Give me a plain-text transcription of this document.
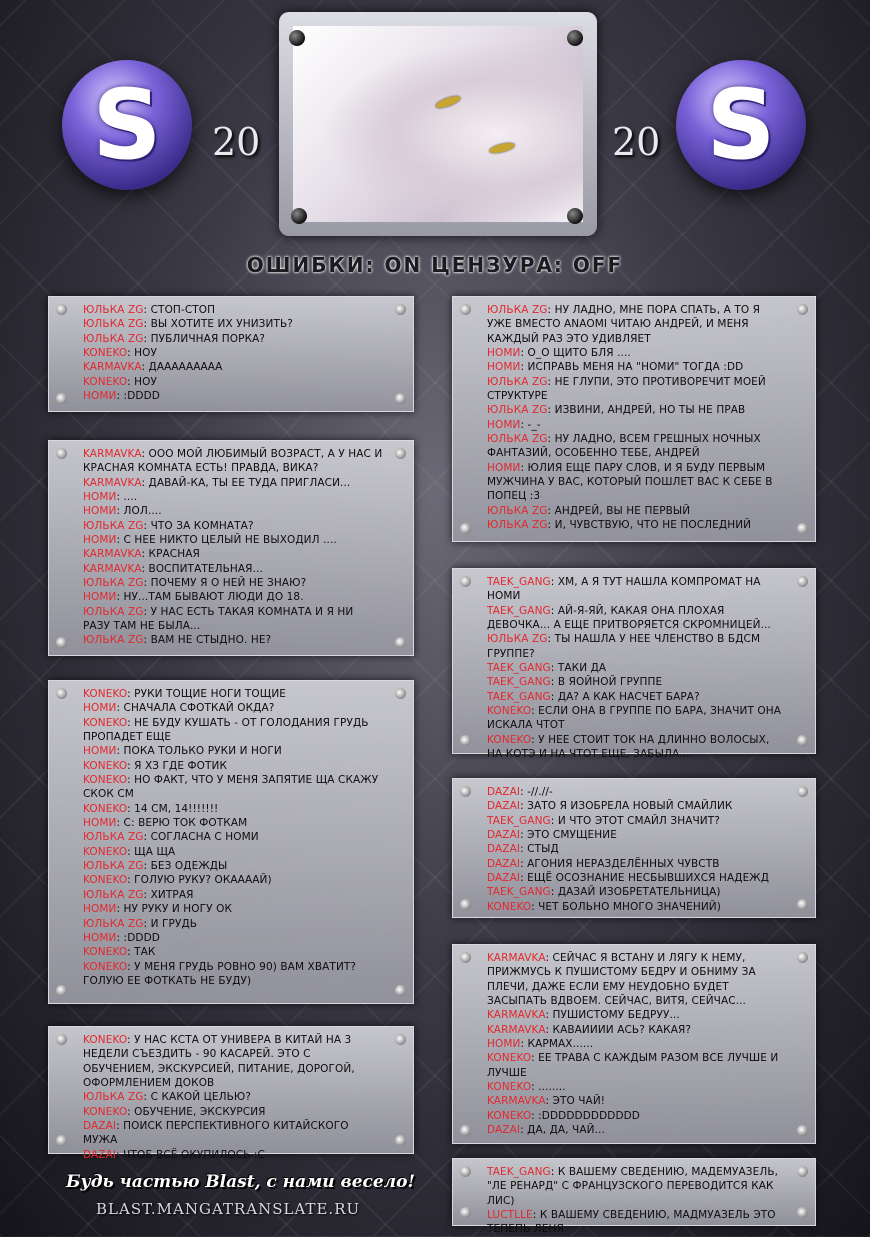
S 20	20 S
ОШИБКИ: ON ЦЕНЗУРА: OFF
ЮЛЬКА ZG: СТОП-СТОП
ЮЛЬКА ZG: ВЫ ХОТИТЕ ИХ УНИЗИТЬ?
ЮЛЬКА ZG: ПУБЛИЧНАЯ ПОРКА?
KONEKO: НОУ
KARMAVKA: ДААААААААА
KONEKO: НОУ
НОМИ: :DDDD
KARMAVKA: ООО МОЙ ЛЮБИМЫЙ ВОЗРАСТ, А У НАС И КРАСНАЯ КОМНАТА ЕСТЬ! ПРАВДА, ВИКА?
KARMAVKA: ДАВАЙ-КА, ТЫ ЕЕ ТУДА ПРИГЛАСИ...
НОМИ: ....
НОМИ: ЛОЛ....
ЮЛЬКА ZG: ЧТО ЗА КОМНАТА?
НОМИ: С НЕЕ НИКТО ЦЕЛЫЙ НЕ ВЫХОДИЛ ....
KARMAVKA: КРАСНАЯ
KARMAVKA: ВОСПИТАТЕЛЬНАЯ...
ЮЛЬКА ZG: ПОЧЕМУ Я О НЕЙ НЕ ЗНАЮ?
НОМИ: НУ...ТАМ БЫВАЮТ ЛЮДИ ДО 18.
ЮЛЬКА ZG: У НАС ЕСТЬ ТАКАЯ КОМНАТА И Я НИ РАЗУ ТАМ НЕ БЫЛА...
ЮЛЬКА ZG: ВАМ НЕ СТЫДНО. НЕ?
KONEKO: РУКИ ТОЩИЕ НОГИ ТОЩИЕ
НОМИ: СНАЧАЛА СФОТКАЙ ОКДА?
KONEKO: НЕ БУДУ КУШАТЬ - ОТ ГОЛОДАНИЯ ГРУДЬ ПРОПАДЕТ ЕЩЕ
НОМИ: ПОКА ТОЛЬКО РУКИ И НОГИ
KONEKO: Я ХЗ ГДЕ ФОТИК
KONEKO: НО ФАКТ, ЧТО У МЕНЯ ЗАПЯТИЕ ЩА СКАЖУ СКОК СМ
KONEKO: 14 СМ, 14!!!!!!!
НОМИ: С: ВЕРЮ ТОК ФОТКАМ
ЮЛЬКА ZG: СОГЛАСНА С НОМИ
KONEKO: ЩА ЩА
ЮЛЬКА ZG: БЕЗ ОДЕЖДЫ
KONEKO: ГОЛУЮ РУКУ? ОКААААЙ)
ЮЛЬКА ZG: ХИТРАЯ
НОМИ: НУ РУКУ И НОГУ ОК
ЮЛЬКА ZG: И ГРУДЬ
НОМИ: :DDDD
KONEKO: ТАК
KONEKO: У МЕНЯ ГРУДЬ РОВНО 90) ВАМ ХВАТИТ? ГОЛУЮ ЕЕ ФОТКАТЬ НЕ БУДУ)
KONEKO: У НАС КСТА ОТ УНИВЕРА В КИТАЙ НА 3 НЕДЕЛИ СЪЕЗДИТЬ - 90 КАСАРЕЙ. ЭТО С ОБУЧЕНИЕМ, ЭКСКУРСИЕЙ, ПИТАНИЕ, ДОРОГОЙ, ОФОРМЛЕНИЕМ ДОКОВ
ЮЛЬКА ZG: С КАКОЙ ЦЕЛЬЮ?
KONEKO: ОБУЧЕНИЕ, ЭКСКУРСИЯ
DAZAI: ПОИСК ПЕРСПЕКТИВНОГО КИТАЙСКОГО МУЖА
DAZAI: ЧТОБ ВСЁ ОКУПИЛОСЬ :С
ЮЛЬКА ZG: НУ ЛАДНО, МНЕ ПОРА СПАТЬ, А ТО Я УЖЕ ВМЕСТО ANAOMI ЧИТАЮ АНДРЕЙ, И МЕНЯ КАЖДЫЙ РАЗ ЭТО УДИВЛЯЕТ
НОМИ: О_О ЩИТО БЛЯ ....
НОМИ: ИСПРАВЬ МЕНЯ НА "НОМИ" ТОГДА :DD
ЮЛЬКА ZG: НЕ ГЛУПИ, ЭТО ПРОТИВОРЕЧИТ МОЕЙ СТРУКТУРЕ
ЮЛЬКА ZG: ИЗВИНИ, АНДРЕЙ, НО ТЫ НЕ ПРАВ
НОМИ: -_-
ЮЛЬКА ZG: НУ ЛАДНО, ВСЕМ ГРЕШНЫХ НОЧНЫХ ФАНТАЗИЙ, ОСОБЕННО ТЕБЕ, АНДРЕЙ
НОМИ: ЮЛИЯ ЕЩЕ ПАРУ СЛОВ, И Я БУДУ ПЕРВЫМ МУЖЧИНА У ВАС, КОТОРЫЙ ПОШЛЕТ ВАС К СЕБЕ В ПОПЕЦ :3
ЮЛЬКА ZG: АНДРЕЙ, ВЫ НЕ ПЕРВЫЙ
ЮЛЬКА ZG: И, ЧУВСТВУЮ, ЧТО НЕ ПОСЛЕДНИЙ
TAEK_GANG: ХМ, А Я ТУТ НАШЛА КОМПРОМАТ НА НОМИ
TAEK_GANG: АЙ-Я-ЯЙ, КАКАЯ ОНА ПЛОХАЯ ДЕВОЧКА... А ЕЩЕ ПРИТВОРЯЕТСЯ СКРОМНИЦЕЙ...
ЮЛЬКА ZG: ТЫ НАШЛА У НЕЕ ЧЛЕНСТВО В БДСМ ГРУППЕ?
TAEK_GANG: ТАКИ ДА
TAEK_GANG: В ЯОЙНОЙ ГРУППЕ
TAEK_GANG: ДА? А КАК НАСЧЕТ БАРА?
KONEKO: ЕСЛИ ОНА В ГРУППЕ ПО БАРА, ЗНАЧИТ ОНА ИСКАЛА ЧТОТ
KONEKO: У НЕЕ СТОИТ ТОК НА ДЛИННО ВОЛОСЫХ, НА КОТЭ И НА ЧТОТ ЕЩЕ, ЗАБЫЛА....
DAZAI: -//.//-
DAZAI: ЗАТО Я ИЗОБРЕЛА НОВЫЙ СМАЙЛИК
TAEK_GANG: И ЧТО ЭТОТ СМАЙЛ ЗНАЧИТ?
DAZAI: ЭТО СМУЩЕНИЕ
DAZAI: СТЫД
DAZAI: АГОНИЯ НЕРАЗДЕЛЁННЫХ ЧУВСТВ
DAZAI: ЕЩЁ ОСОЗНАНИЕ НЕСБЫВШИХСЯ НАДЕЖД
TAEK_GANG: ДАЗАЙ ИЗОБРЕТАТЕЛЬНИЦА)
KONEKO: ЧЕТ БОЛЬНО МНОГО ЗНАЧЕНИЙ)
KARMAVKA: СЕЙЧАС Я ВСТАНУ И ЛЯГУ К НЕМУ, ПРИЖМУСЬ К ПУШИСТОМУ БЕДРУ И ОБНИМУ ЗА ПЛЕЧИ, ДАЖЕ ЕСЛИ ЕМУ НЕУДОБНО БУДЕТ ЗАСЫПАТЬ ВДВОЕМ. СЕЙЧАС, ВИТЯ, СЕЙЧАС...
KARMAVKA: ПУШИСТОМУ БЕДРУУ...
KARMAVKA: КАВАИИИИ АСЬ? КАКАЯ?
НОМИ: КАРМАХ......
KONEKO: ЕЕ ТРАВА С КАЖДЫМ РАЗОМ ВСЕ ЛУЧШЕ И ЛУЧШЕ
KONEKO: ........
KARMAVKA: ЭТО ЧАЙ!
KONEKO: :DDDDDDDDDDDD
DAZAI: ДА, ДА, ЧАЙ...
TAEK_GANG: К ВАШЕМУ СВЕДЕНИЮ, МАДЕМУАЗЕЛЬ, "ЛЕ РЕНАРД" С ФРАНЦУЗСКОГО ПЕРЕВОДИТСЯ КАК ЛИС)
LUCTLLE: К ВАШЕМУ СВЕДЕНИЮ, МАДМУАЗЕЛЬ ЭТО ТЕПЕПЬ ЛЕНЯ
Будь частью Blast, с нами весело!
BLAST.MANGATRANSLATE.RU
